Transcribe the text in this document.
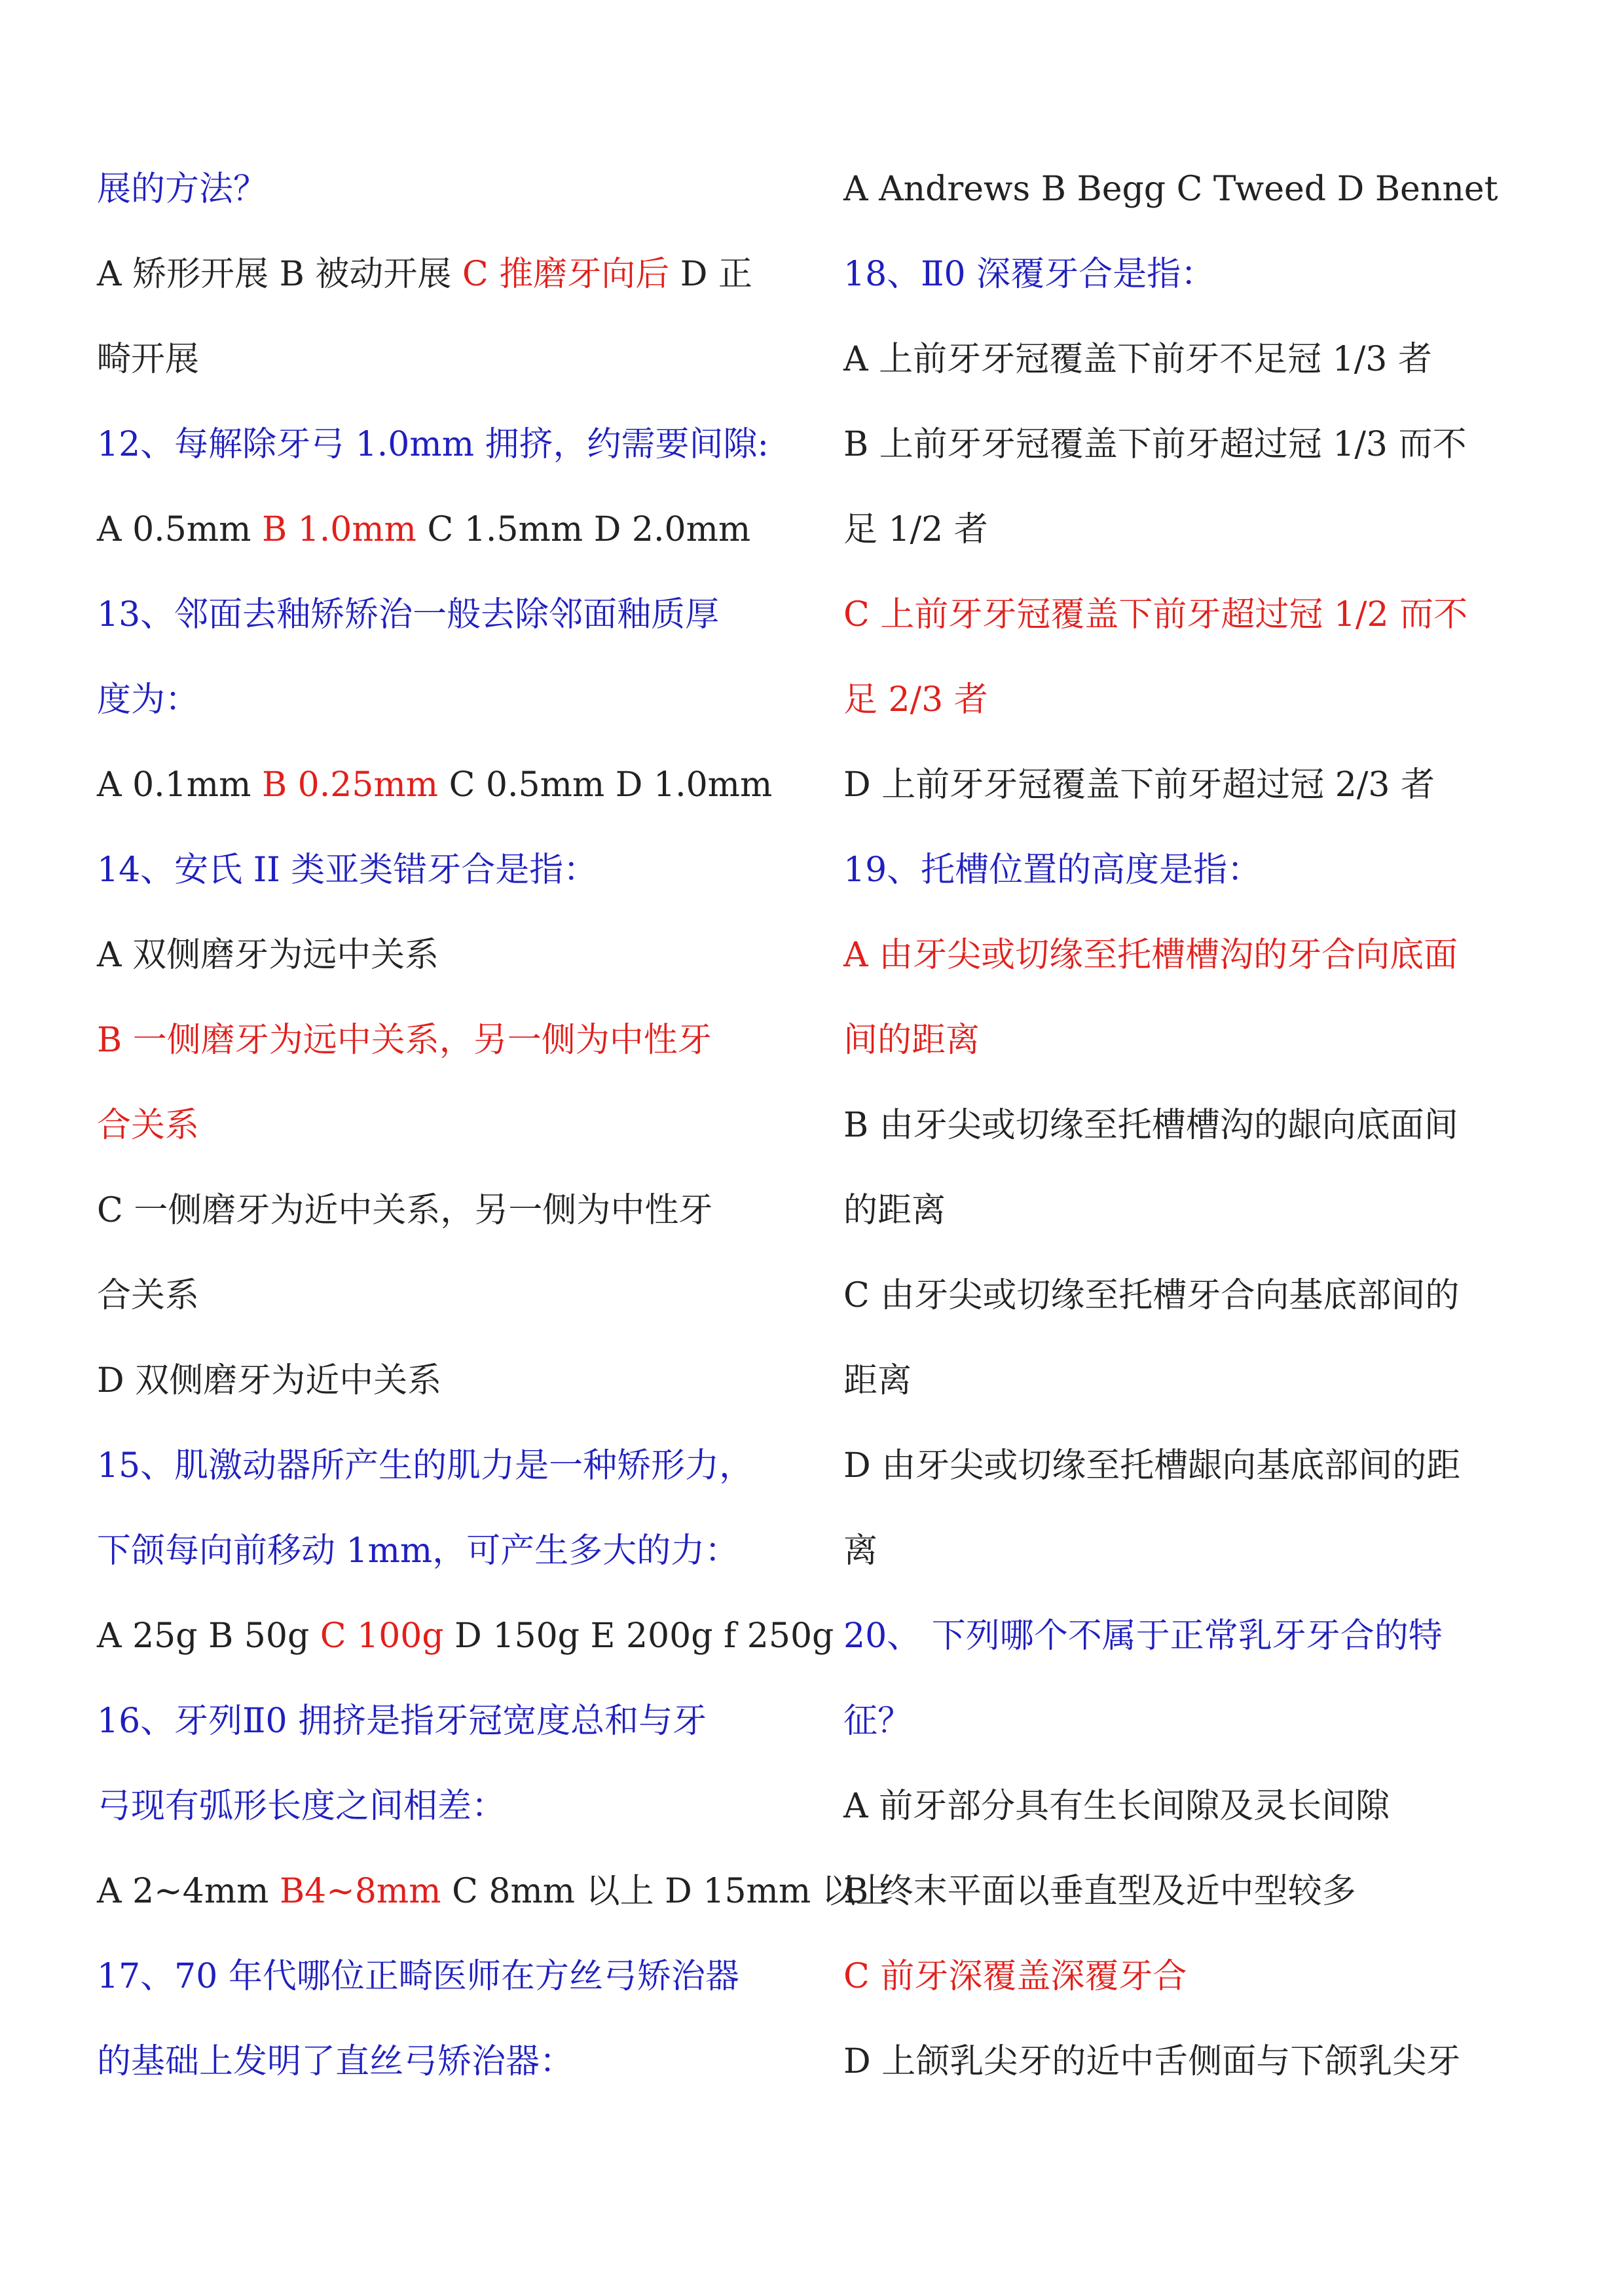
展的方法？
A 矫形开展 B 被动开展 C 推磨牙向后 D 正
畸开展
12、每解除牙弓 1.0mm 拥挤，约需要间隙:
A 0.5mm B 1.0mm C 1.5mm D 2.0mm
13、邻面去釉矫矫治一般去除邻面釉质厚
度为：
A 0.1mm B 0.25mm C 0.5mm D 1.0mm
14、安氏 II 类亚类错牙合是指：
A 双侧磨牙为远中关系
B 一侧磨牙为远中关系，另一侧为中性牙
合关系
C 一侧磨牙为近中关系，另一侧为中性牙
合关系
D 双侧磨牙为近中关系
15、肌激动器所产生的肌力是一种矫形力，
下颌每向前移动 1mm，可产生多大的力：
A 25g B 50g C 100g D 150g E 200g f 250g
16、牙列Ⅱ0 拥挤是指牙冠宽度总和与牙
弓现有弧形长度之间相差：
A 2~4mm B4~8mm C 8mm 以上 D 15mm 以上
17、70 年代哪位正畸医师在方丝弓矫治器
的基础上发明了直丝弓矫治器：
A Andrews B Begg C Tweed D Bennet
18、Ⅱ0 深覆牙合是指：
A 上前牙牙冠覆盖下前牙不足冠 1/3 者
B 上前牙牙冠覆盖下前牙超过冠 1/3 而不
足 1/2 者
C 上前牙牙冠覆盖下前牙超过冠 1/2 而不
足 2/3 者
D 上前牙牙冠覆盖下前牙超过冠 2/3 者
19、托槽位置的高度是指：
A 由牙尖或切缘至托槽槽沟的牙合向底面
间的距离
B 由牙尖或切缘至托槽槽沟的龈向底面间
的距离
C 由牙尖或切缘至托槽牙合向基底部间的
距离
D 由牙尖或切缘至托槽龈向基底部间的距
离
20、 下列哪个不属于正常乳牙牙合的特
征？
A 前牙部分具有生长间隙及灵长间隙
B 终末平面以垂直型及近中型较多
C 前牙深覆盖深覆牙合
D 上颌乳尖牙的近中舌侧面与下颌乳尖牙
